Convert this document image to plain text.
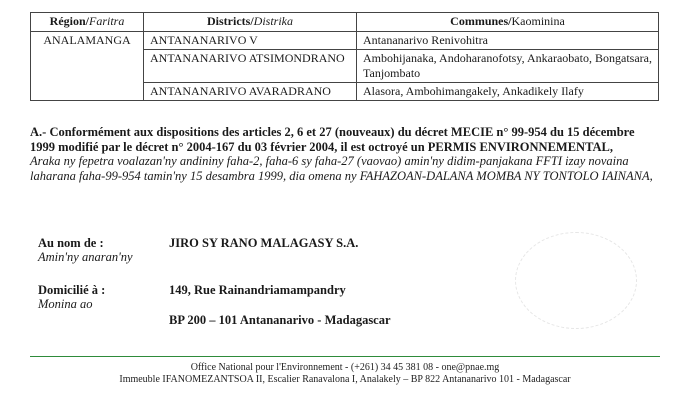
Région/Faritra	Districts/Distrika	Communes/Kaominina
ANALAMANGA	ANTANANARIVO V	Antananarivo Renivohitra
	ANTANANARIVO ATSIMONDRANO	Ambohijanaka, Andoharanofotsy, Ankaraobato, Bongatsara, Tanjombato
	ANTANANARIVO AVARADRANO	Alasora, Ambohimangakely, Ankadikely Ilafy
A.- Conformément aux dispositions des articles 2, 6 et 27 (nouveaux) du décret MECIE n° 99-954 du 15 décembre 1999 modifié par le décret n° 2004-167 du 03 février 2004, il est octroyé un PERMIS ENVIRONNEMENTAL,
Araka ny fepetra voalazan'ny andininy faha-2, faha-6 sy faha-27 (vaovao) amin'ny didim-panjakana FFTI izay novaina laharana faha-99-954 tamin'ny 15 desambra 1999, dia omena ny FAHAZOAN-DALANA MOMBA NY TONTOLO IAINANA,
Au nom de :
Amin'ny anaran'ny
JIRO SY RANO MALAGASY S.A.
Domicilié à :
Monina ao
149, Rue Rainandriamampandry
BP 200 – 101 Antananarivo - Madagascar
Office National pour l'Environnement - (+261) 34 45 381 08 - one@pnae.mg
Immeuble IFANOMEZANTSOA II, Escalier Ranavalona I, Analakely – BP 822 Antananarivo 101 - Madagascar
